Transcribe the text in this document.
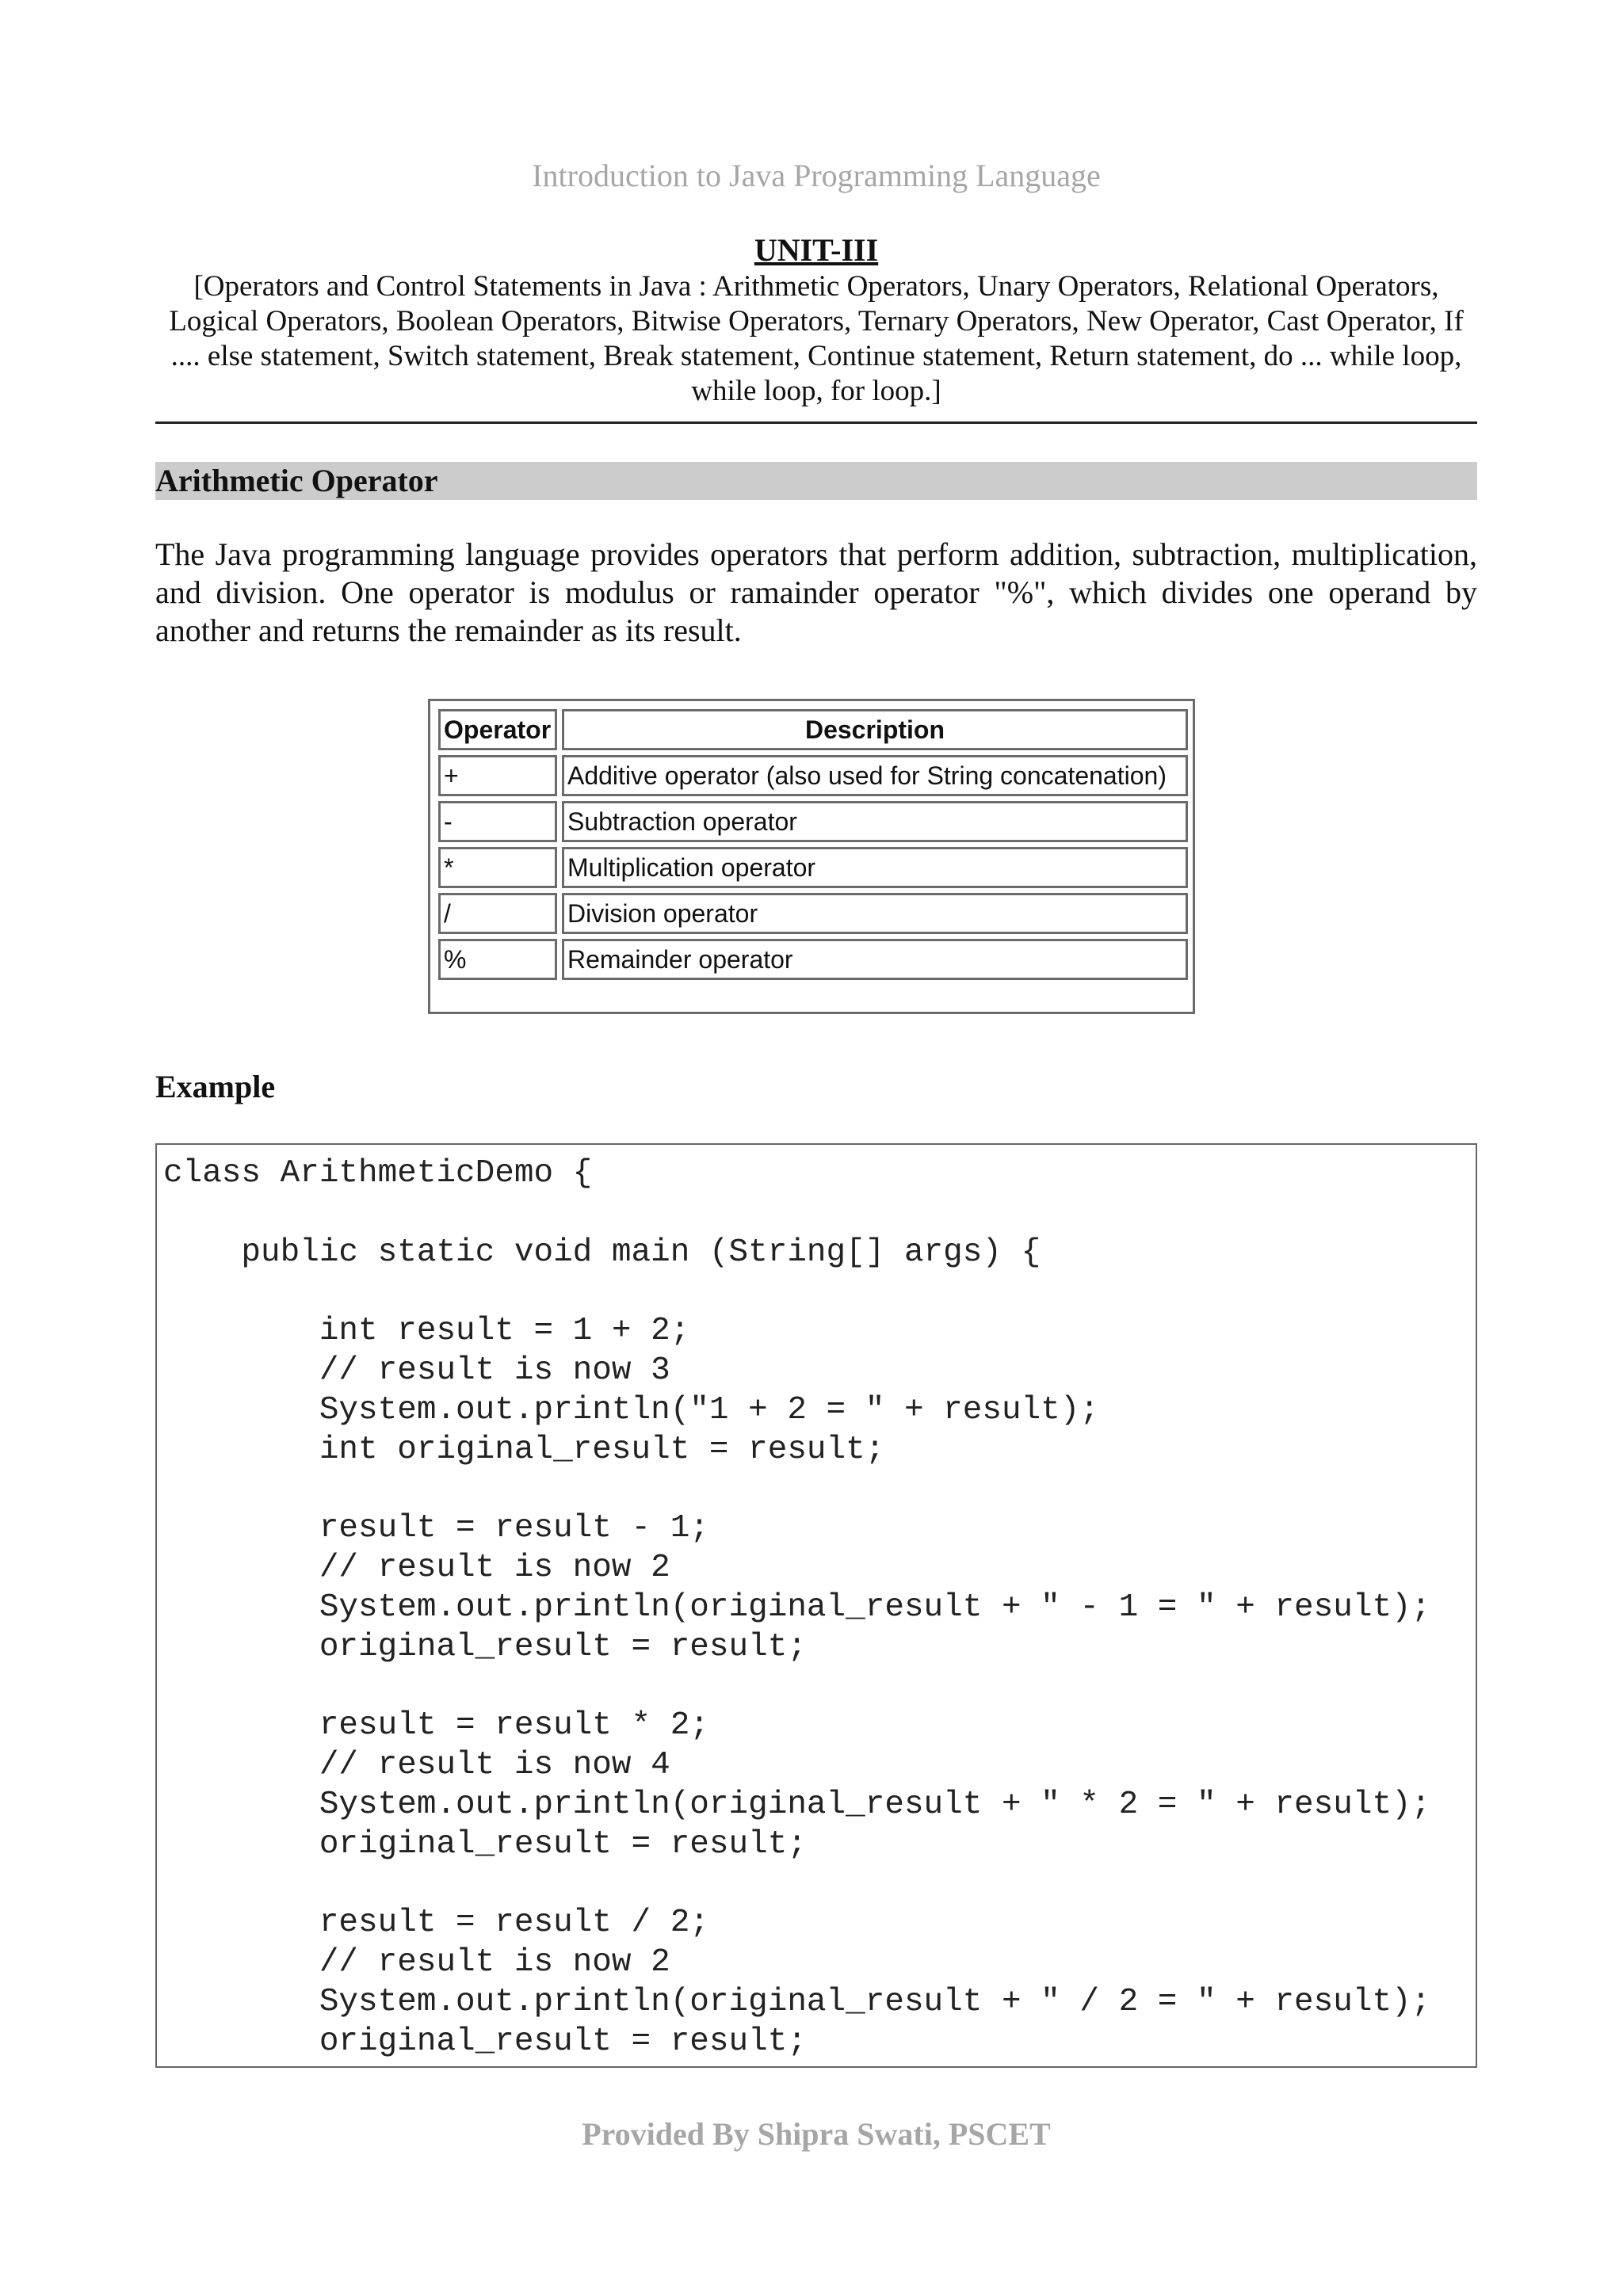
Introduction to Java Programming Language
UNIT-III
[Operators and Control Statements in Java : Arithmetic Operators, Unary Operators, Relational Operators, Logical Operators, Boolean Operators, Bitwise Operators, Ternary Operators, New Operator, Cast Operator, If .... else statement, Switch statement, Break statement, Continue statement, Return statement, do ... while loop, while loop, for loop.]
Arithmetic Operator
The Java programming language provides operators that perform addition, subtraction, multiplication, and division. One operator is modulus or ramainder operator "%", which divides one operand by another and returns the remainder as its result.
Operator	Description
+	Additive operator (also used for String concatenation)
-	Subtraction operator
*	Multiplication operator
/	Division operator
%	Remainder operator
Example
class ArithmeticDemo {
public static void main (String[] args) {
int result = 1 + 2;
// result is now 3
System.out.println("1 + 2 = " + result);
int original_result = result;
result = result - 1;
// result is now 2
System.out.println(original_result + " - 1 = " + result);
original_result = result;
result = result * 2;
// result is now 4
System.out.println(original_result + " * 2 = " + result);
original_result = result;
result = result / 2;
// result is now 2
System.out.println(original_result + " / 2 = " + result);
original_result = result;
Provided By Shipra Swati, PSCET
